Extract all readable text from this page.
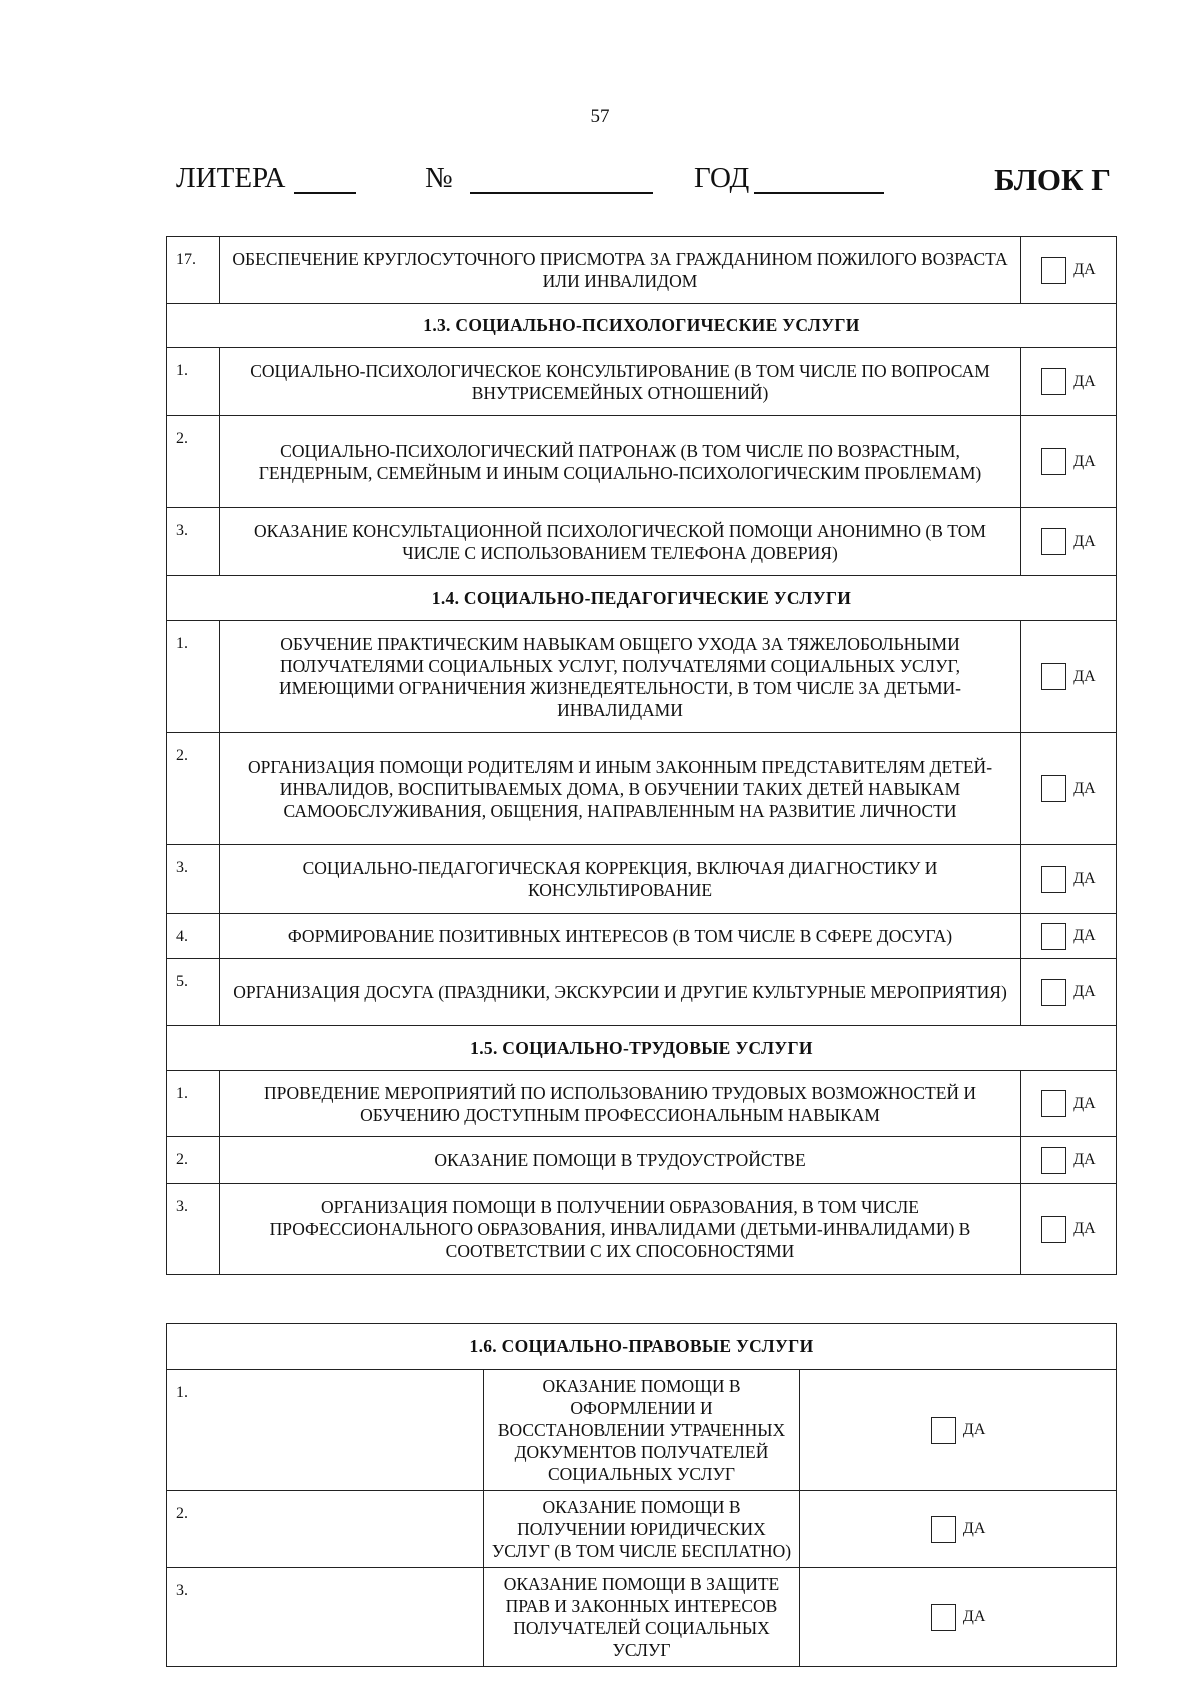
57
ЛИТЕРА	№	ГОД	БЛОК Г
17.	ОБЕСПЕЧЕНИЕ КРУГЛОСУТОЧНОГО ПРИСМОТРА ЗА ГРАЖДАНИНОМ ПОЖИЛОГО ВОЗРАСТА ИЛИ ИНВАЛИДОМ	ДА

1.3. СОЦИАЛЬНО-ПСИХОЛОГИЧЕСКИЕ УСЛУГИ		
1.	СОЦИАЛЬНО-ПСИХОЛОГИЧЕСКОЕ КОНСУЛЬТИРОВАНИЕ (В ТОМ ЧИСЛЕ ПО ВОПРОСАМ ВНУТРИСЕМЕЙНЫХ ОТНОШЕНИЙ)	ДА

2.	СОЦИАЛЬНО-ПСИХОЛОГИЧЕСКИЙ ПАТРОНАЖ (В ТОМ ЧИСЛЕ ПО ВОЗРАСТНЫМ, ГЕНДЕРНЫМ, СЕМЕЙНЫМ И ИНЫМ СОЦИАЛЬНО-ПСИХОЛОГИЧЕСКИМ ПРОБЛЕМАМ)	ДА

3.	ОКАЗАНИЕ КОНСУЛЬТАЦИОННОЙ ПСИХОЛОГИЧЕСКОЙ ПОМОЩИ АНОНИМНО (В ТОМ ЧИСЛЕ С ИСПОЛЬЗОВАНИЕМ ТЕЛЕФОНА ДОВЕРИЯ)	ДА

1.4. СОЦИАЛЬНО-ПЕДАГОГИЧЕСКИЕ УСЛУГИ		
1.	ОБУЧЕНИЕ ПРАКТИЧЕСКИМ НАВЫКАМ ОБЩЕГО УХОДА ЗА ТЯЖЕЛОБОЛЬНЫМИ ПОЛУЧАТЕЛЯМИ СОЦИАЛЬНЫХ УСЛУГ, ПОЛУЧАТЕЛЯМИ СОЦИАЛЬНЫХ УСЛУГ, ИМЕЮЩИМИ ОГРАНИЧЕНИЯ ЖИЗНЕДЕЯТЕЛЬНОСТИ, В ТОМ ЧИСЛЕ ЗА ДЕТЬМИ-ИНВАЛИДАМИ	ДА

2.	ОРГАНИЗАЦИЯ ПОМОЩИ РОДИТЕЛЯМ И ИНЫМ ЗАКОННЫМ ПРЕДСТАВИТЕЛЯМ ДЕТЕЙ-ИНВАЛИДОВ, ВОСПИТЫВАЕМЫХ ДОМА, В ОБУЧЕНИИ ТАКИХ ДЕТЕЙ НАВЫКАМ САМООБСЛУЖИВАНИЯ, ОБЩЕНИЯ, НАПРАВЛЕННЫМ НА РАЗВИТИЕ ЛИЧНОСТИ	ДА

3.	СОЦИАЛЬНО-ПЕДАГОГИЧЕСКАЯ КОРРЕКЦИЯ, ВКЛЮЧАЯ ДИАГНОСТИКУ И КОНСУЛЬТИРОВАНИЕ	ДА

4.	ФОРМИРОВАНИЕ ПОЗИТИВНЫХ ИНТЕРЕСОВ (В ТОМ ЧИСЛЕ В СФЕРЕ ДОСУГА)	ДА

5.	ОРГАНИЗАЦИЯ ДОСУГА (ПРАЗДНИКИ, ЭКСКУРСИИ И ДРУГИЕ КУЛЬТУРНЫЕ МЕРОПРИЯТИЯ)	ДА

1.5. СОЦИАЛЬНО-ТРУДОВЫЕ УСЛУГИ		
1.	ПРОВЕДЕНИЕ МЕРОПРИЯТИЙ ПО ИСПОЛЬЗОВАНИЮ ТРУДОВЫХ ВОЗМОЖНОСТЕЙ И ОБУЧЕНИЮ ДОСТУПНЫМ ПРОФЕССИОНАЛЬНЫМ НАВЫКАМ	ДА

2.	ОКАЗАНИЕ ПОМОЩИ В ТРУДОУСТРОЙСТВЕ	ДА

3.	ОРГАНИЗАЦИЯ ПОМОЩИ В ПОЛУЧЕНИИ ОБРАЗОВАНИЯ, В ТОМ ЧИСЛЕ ПРОФЕССИОНАЛЬНОГО ОБРАЗОВАНИЯ, ИНВАЛИДАМИ (ДЕТЬМИ-ИНВАЛИДАМИ) В СООТВЕТСТВИИ С ИХ СПОСОБНОСТЯМИ	ДА
1.6. СОЦИАЛЬНО-ПРАВОВЫЕ УСЛУГИ		
1.	ОКАЗАНИЕ ПОМОЩИ В ОФОРМЛЕНИИ И ВОССТАНОВЛЕНИИ УТРАЧЕННЫХ ДОКУМЕНТОВ ПОЛУЧАТЕЛЕЙ СОЦИАЛЬНЫХ УСЛУГ	ДА

2.	ОКАЗАНИЕ ПОМОЩИ В ПОЛУЧЕНИИ ЮРИДИЧЕСКИХ УСЛУГ (В ТОМ ЧИСЛЕ БЕСПЛАТНО)	ДА

3.	ОКАЗАНИЕ ПОМОЩИ В ЗАЩИТЕ ПРАВ И ЗАКОННЫХ ИНТЕРЕСОВ ПОЛУЧАТЕЛЕЙ СОЦИАЛЬНЫХ УСЛУГ	ДА
